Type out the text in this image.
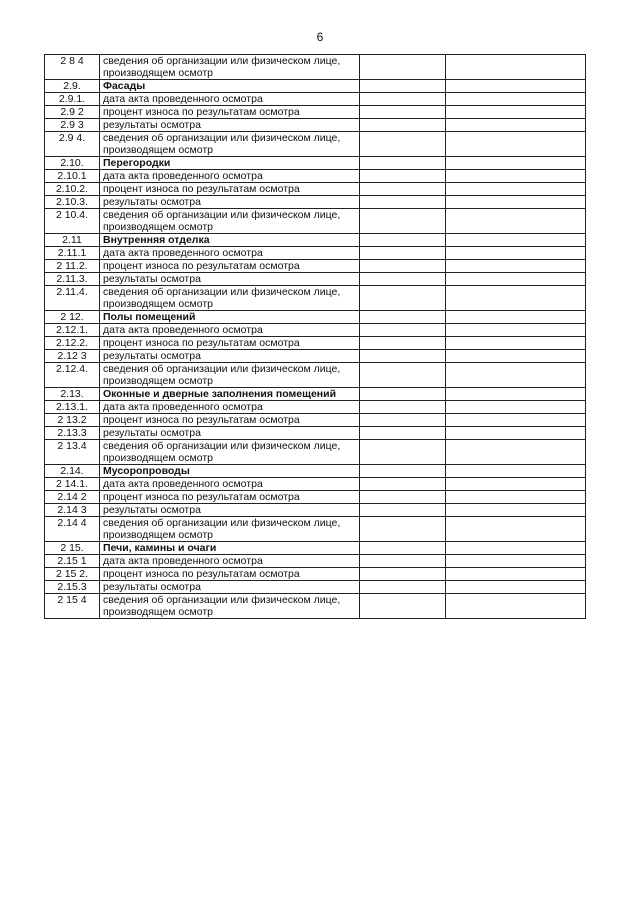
6
2 8 4	сведения об организации или физическом лице, производящем осмотр		
2.9.	Фасады		
2.9.1.	дата акта проведенного осмотра		
2.9 2	процент износа по результатам осмотра		
2.9 3	результаты осмотра		
2.9 4.	сведения об организации или физическом лице, производящем осмотр		
2.10.	Перегородки		
2.10.1	дата акта проведенного осмотра		
2.10.2.	процент износа по результатам осмотра		
2.10.3.	результаты осмотра		
2 10.4.	сведения об организации или физическом лице, производящем осмотр		
2.11	Внутренняя отделка		
2.11.1	дата акта проведенного осмотра		
2 11.2.	процент износа по результатам осмотра		
2.11.3.	результаты осмотра		
2.11.4.	сведения об организации или физическом лице, производящем осмотр		
2 12.	Полы помещений		
2.12.1.	дата акта проведенного осмотра		
2.12.2.	процент износа по результатам осмотра		
2.12 3	результаты осмотра		
2.12.4.	сведения об организации или физическом лице, производящем осмотр		
2.13.	Оконные и дверные заполнения помещений		
2.13.1.	дата акта проведенного осмотра		
2 13.2	процент износа по результатам осмотра		
2.13.3	результаты осмотра		
2 13.4	сведения об организации или физическом лице, производящем осмотр		
2.14.	Мусоропроводы		
2 14.1.	дата акта проведенного осмотра		
2.14 2	процент износа по результатам осмотра		
2.14 3	результаты осмотра		
2.14 4	сведения об организации или физическом лице, производящем осмотр		
2 15.	Печи, камины и очаги		
2.15 1	дата акта проведенного осмотра		
2 15 2.	процент износа по результатам осмотра		
2.15.3	результаты осмотра		
2 15 4	сведения об организации или физическом лице, производящем осмотр		
